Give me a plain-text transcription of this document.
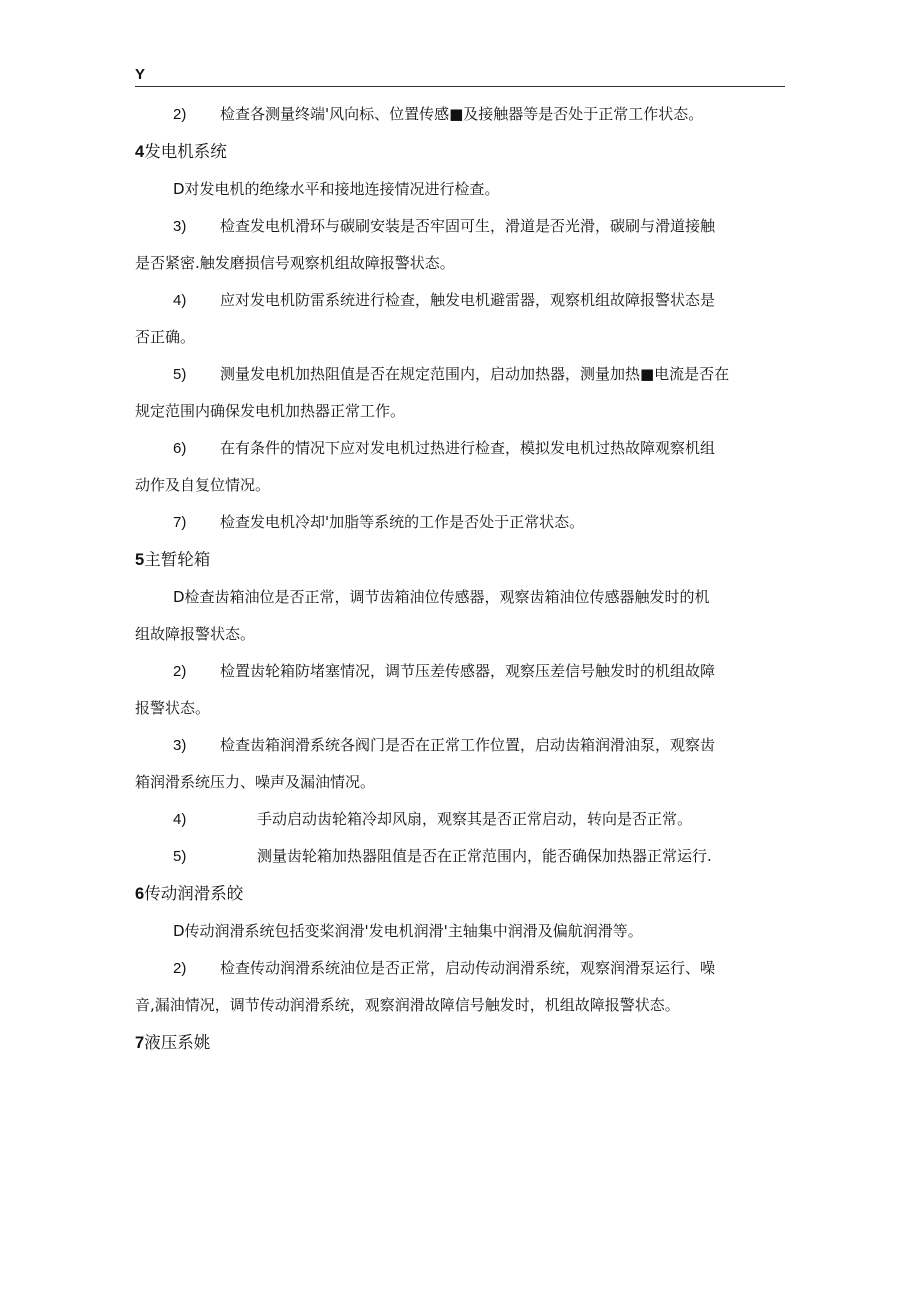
Y
2) 检查各测量终端'风向标、位置传感■及接触器等是否处于正常工作状态。
4发电机系统
D对发电机的绝缘水平和接地连接情况进行检查。
3) 检查发电机滑环与碳刷安装是否牢固可生，滑道是否光滑，碳刷与滑道接触
是否紧密.触发磨损信号观察机组故障报警状态。
4) 应对发电机防雷系统进行检查，触发电机避雷器，观察机组故障报警状态是
否正确。
5) 测量发电机加热阻值是否在规定范围内，启动加热器，测量加热■电流是否在
规定范围内确保发电机加热器正常工作。
6) 在有条件的情况下应对发电机过热进行检查，模拟发电机过热故障观察机组
动作及自复位情况。
7) 检查发电机冷却'加脂等系统的工作是否处于正常状态。
5主暂轮箱
D检查齿箱油位是否正常，调节齿箱油位传感器，观察齿箱油位传感器触发时的机
组故障报警状态。
2) 检置齿轮箱防堵塞情况，调节压差传感器，观察压差信号触发时的机组故障
报警状态。
3) 检查齿箱润滑系统各阀门是否在正常工作位置，启动齿箱润滑油泵，观察齿
箱润滑系统压力、噪声及漏油情况。
4)	手动启动齿轮箱冷却风扇，观察其是否正常启动，转向是否正常。
5)	测量齿轮箱加热器阻值是否在正常范围内，能否确保加热器正常运行.
6传动润滑系皎
D传动润滑系统包括变桨润滑'发电机润滑'主轴集中润滑及偏航润滑等。
2) 检查传动润滑系统油位是否正常，启动传动润滑系统，观察润滑泵运行、噪
音,漏油情况，调节传动润滑系统，观察润滑故障信号触发时，机组故障报警状态。
7液压系姚
